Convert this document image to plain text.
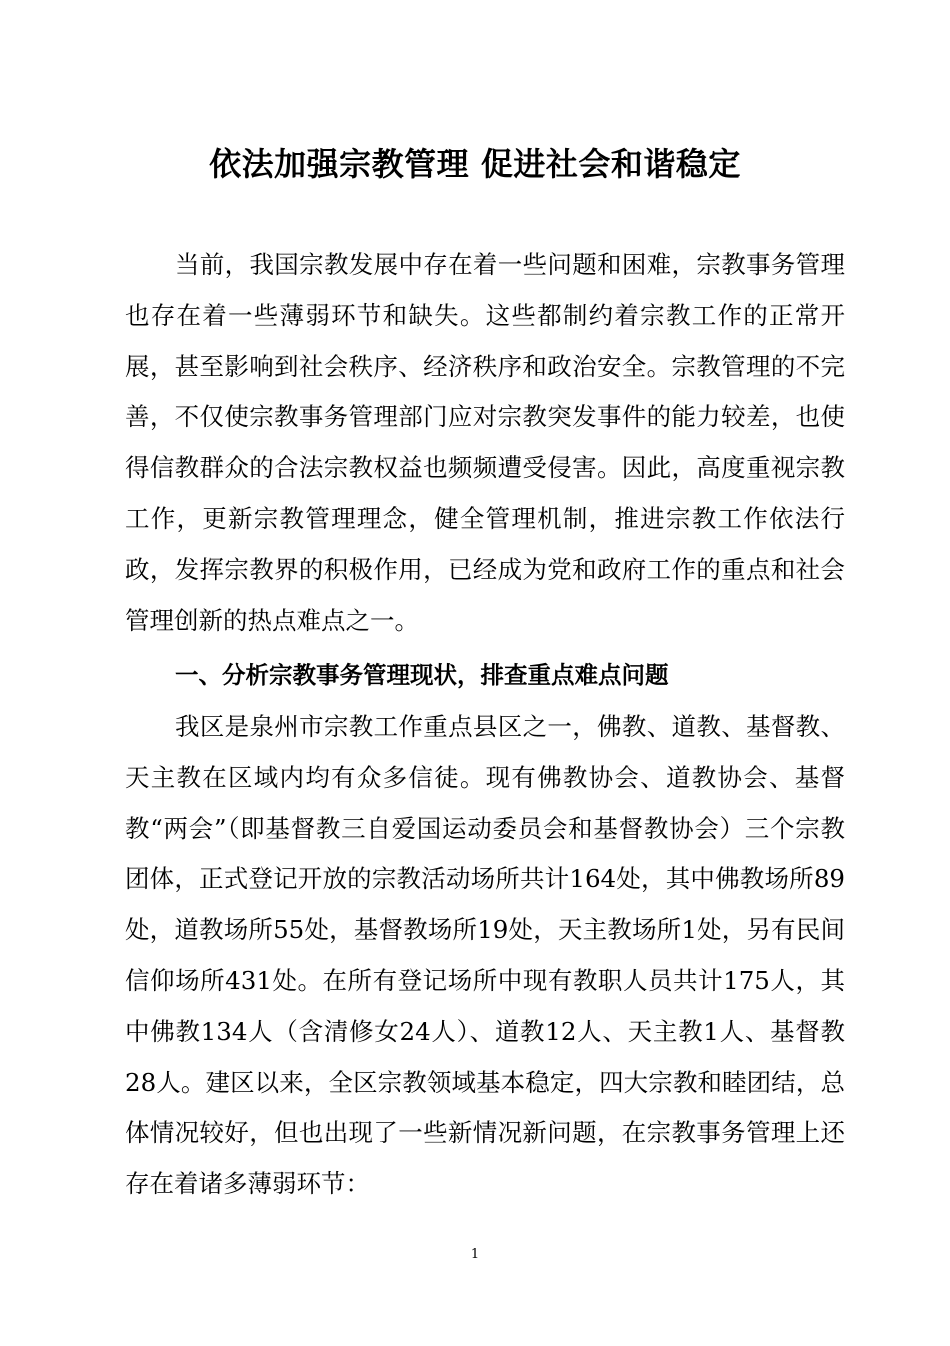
依法加强宗教管理 促进社会和谐稳定

当前，我国宗教发展中存在着一些问题和困难，宗教事务管理也存在着一些薄弱环节和缺失。这些都制约着宗教工作的正常开展，甚至影响到社会秩序、经济秩序和政治安全。宗教管理的不完善，不仅使宗教事务管理部门应对宗教突发事件的能力较差，也使得信教群众的合法宗教权益也频频遭受侵害。因此，高度重视宗教工作，更新宗教管理理念，健全管理机制，推进宗教工作依法行政，发挥宗教界的积极作用，已经成为党和政府工作的重点和社会管理创新的热点难点之一。

一、分析宗教事务管理现状，排查重点难点问题

我区是泉州市宗教工作重点县区之一，佛教、道教、基督教、天主教在区域内均有众多信徒。现有佛教协会、道教协会、基督教“两会”（即基督教三自爱国运动委员会和基督教协会）三个宗教团体，正式登记开放的宗教活动场所共计164处，其中佛教场所89处，道教场所55处，基督教场所19处，天主教场所1处，另有民间信仰场所431处。在所有登记场所中现有教职人员共计175人，其中佛教134人（含清修女24人）、道教12人、天主教1人、基督教28人。建区以来，全区宗教领域基本稳定，四大宗教和睦团结，总体情况较好，但也出现了一些新情况新问题，在宗教事务管理上还存在着诸多薄弱环节：

1
